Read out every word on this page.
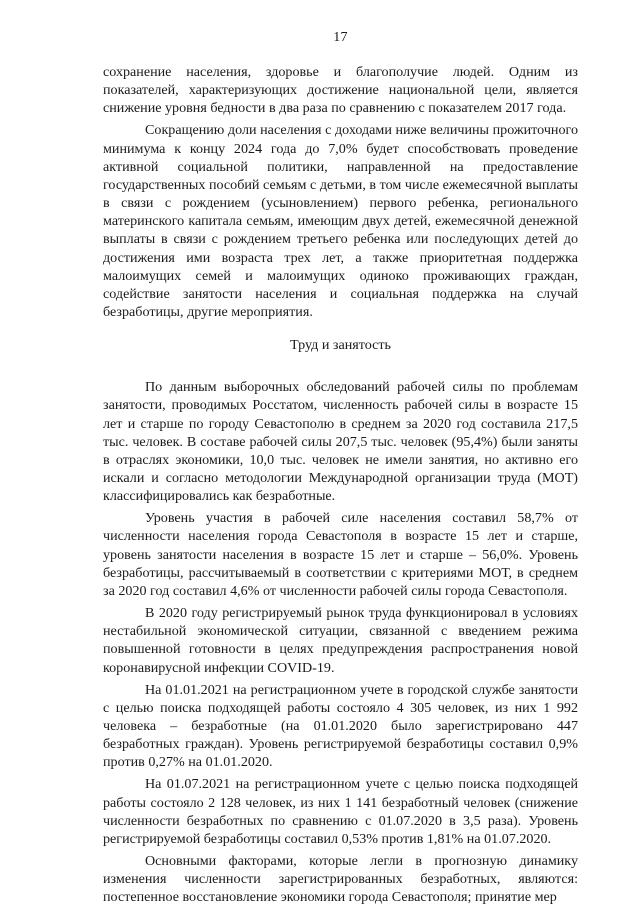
17

сохранение населения, здоровье и благополучие людей. Одним из показателей, характеризующих достижение национальной цели, является снижение уровня бедности в два раза по сравнению с показателем 2017 года.

Сокращению доли населения с доходами ниже величины прожиточного минимума к концу 2024 года до 7,0% будет способствовать проведение активной социальной политики, направленной на предоставление государственных пособий семьям с детьми, в том числе ежемесячной выплаты в связи с рождением (усыновлением) первого ребенка, регионального материнского капитала семьям, имеющим двух детей, ежемесячной денежной выплаты в связи с рождением третьего ребенка или последующих детей до достижения ими возраста трех лет, а также приоритетная поддержка малоимущих семей и малоимущих одиноко проживающих граждан, содействие занятости населения и социальная поддержка на случай безработицы, другие мероприятия.

Труд и занятость

По данным выборочных обследований рабочей силы по проблемам занятости, проводимых Росстатом, численность рабочей силы в возрасте 15 лет и старше по городу Севастополю в среднем за 2020 год составила 217,5 тыс. человек. В составе рабочей силы 207,5 тыс. человек (95,4%) были заняты в отраслях экономики, 10,0 тыс. человек не имели занятия, но активно его искали и согласно методологии Международной организации труда (МОТ) классифицировались как безработные.

Уровень участия в рабочей силе населения составил 58,7% от численности населения города Севастополя в возрасте 15 лет и старше, уровень занятости населения в возрасте 15 лет и старше – 56,0%. Уровень безработицы, рассчитываемый в соответствии с критериями МОТ, в среднем за 2020 год составил 4,6% от численности рабочей силы города Севастополя.

В 2020 году регистрируемый рынок труда функционировал в условиях нестабильной экономической ситуации, связанной с введением режима повышенной готовности в целях предупреждения распространения новой коронавирусной инфекции COVID-19.

На 01.01.2021 на регистрационном учете в городской службе занятости с целью поиска подходящей работы состояло 4 305 человек, из них 1 992 человека – безработные (на 01.01.2020 было зарегистрировано 447 безработных граждан). Уровень регистрируемой безработицы составил 0,9% против 0,27% на 01.01.2020.

На 01.07.2021 на регистрационном учете с целью поиска подходящей работы состояло 2 128 человек, из них 1 141 безработный человек (снижение численности безработных по сравнению с 01.07.2020 в 3,5 раза). Уровень регистрируемой безработицы составил 0,53% против 1,81% на 01.07.2020.

Основными факторами, которые легли в прогнозную динамику изменения численности зарегистрированных безработных, являются: постепенное восстановление экономики города Севастополя; принятие мер
